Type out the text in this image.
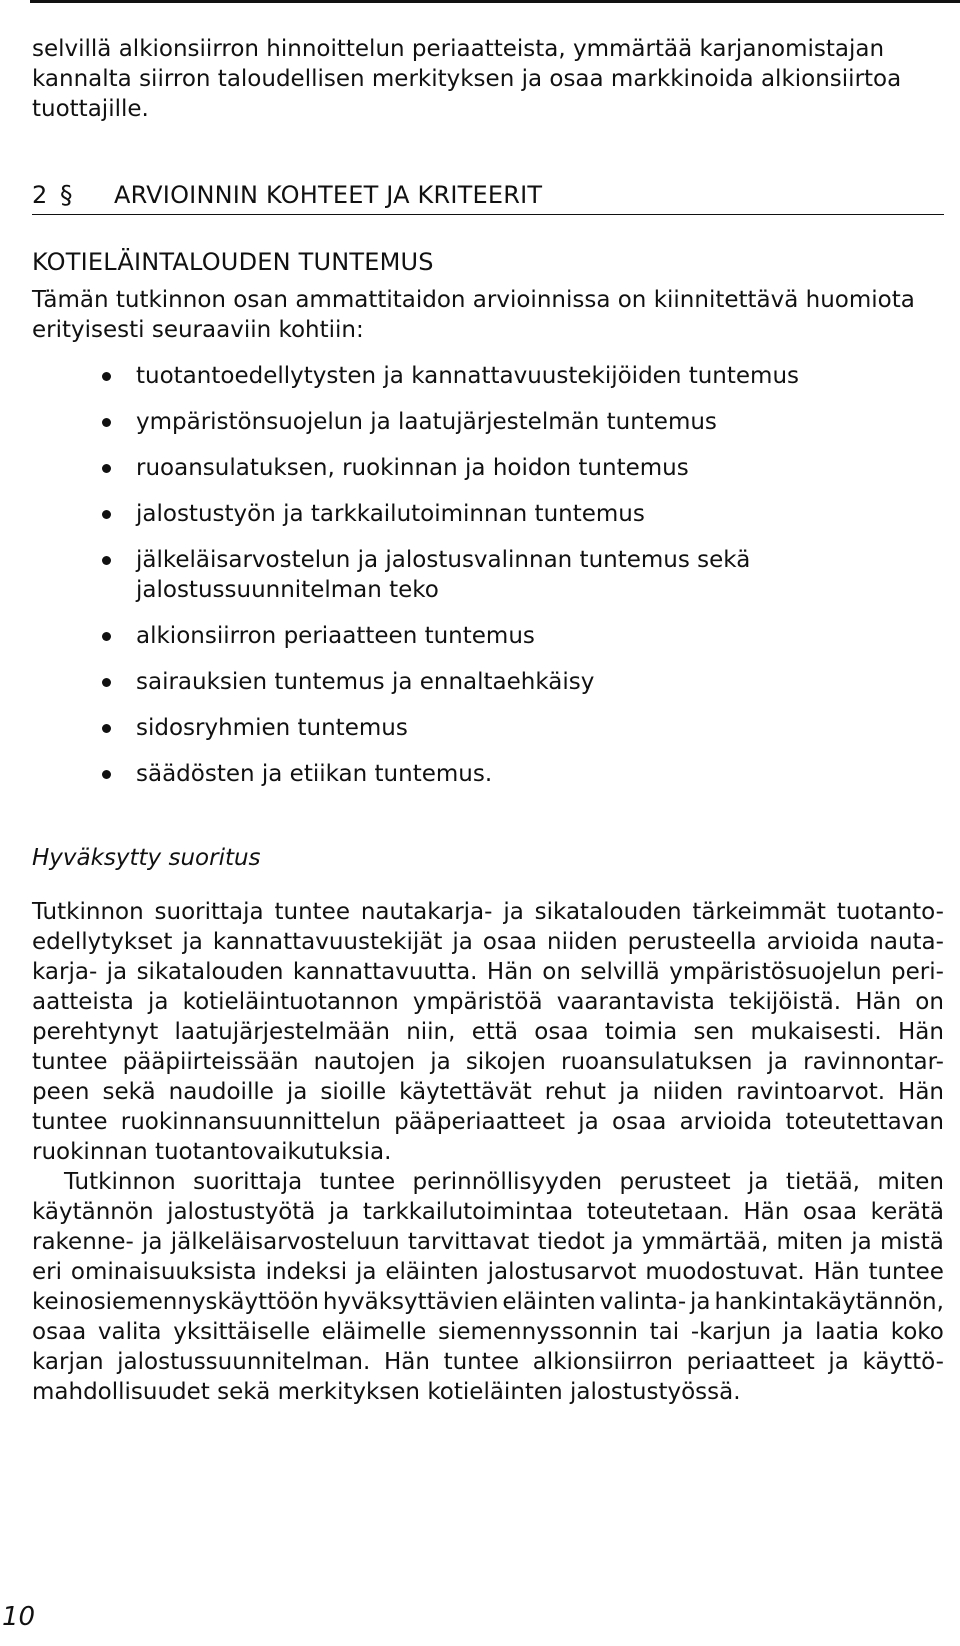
selvillä alkionsiirron hinnoittelun periaatteista, ymmärtää karjanomistajan
kannalta siirron taloudellisen merkityksen ja osaa markkinoida alkionsiirtoa
tuottajille.
2 §	ARVIOINNIN KOHTEET JA KRITEERIT
KOTIELÄINTALOUDEN TUNTEMUS
Tämän tutkinnon osan ammattitaidon arvioinnissa on kiinnitettävä huomiota
erityisesti seuraaviin kohtiin:
tuotantoedellytysten ja kannattavuustekijöiden tuntemus
ympäristönsuojelun ja laatujärjestelmän tuntemus
ruoansulatuksen, ruokinnan ja hoidon tuntemus
jalostustyön ja tarkkailutoiminnan tuntemus
jälkeläisarvostelun ja jalostusvalinnan tuntemus sekä
jalostussuunnitelman teko
alkionsiirron periaatteen tuntemus
sairauksien tuntemus ja ennaltaehkäisy
sidosryhmien tuntemus
säädösten ja etiikan tuntemus.
Hyväksytty suoritus
Tutkinnon suorittaja tuntee nautakarja- ja sikatalouden tärkeimmät tuotanto-
edellytykset ja kannattavuustekijät ja osaa niiden perusteella arvioida nauta-
karja- ja sikatalouden kannattavuutta. Hän on selvillä ympäristösuojelun peri-
aatteista ja kotieläintuotannon ympäristöä vaarantavista tekijöistä. Hän on
perehtynyt laatujärjestelmään niin, että osaa toimia sen mukaisesti. Hän
tuntee pääpiirteissään nautojen ja sikojen ruoansulatuksen ja ravinnontar-
peen sekä naudoille ja sioille käytettävät rehut ja niiden ravintoarvot. Hän
tuntee ruokinnansuunnittelun pääperiaatteet ja osaa arvioida toteutettavan
ruokinnan tuotantovaikutuksia.
Tutkinnon suorittaja tuntee perinnöllisyyden perusteet ja tietää, miten
käytännön jalostustyötä ja tarkkailutoimintaa toteutetaan. Hän osaa kerätä
rakenne- ja jälkeläisarvosteluun tarvittavat tiedot ja ymmärtää, miten ja mistä
eri ominaisuuksista indeksi ja eläinten jalostusarvot muodostuvat. Hän tuntee
keinosiemennyskäyttöön hyväksyttävien eläinten valinta- ja hankintakäytännön,
osaa valita yksittäiselle eläimelle siemennyssonnin tai -karjun ja laatia koko
karjan jalostussuunnitelman. Hän tuntee alkionsiirron periaatteet ja käyttö-
mahdollisuudet sekä merkityksen kotieläinten jalostustyössä.
10
